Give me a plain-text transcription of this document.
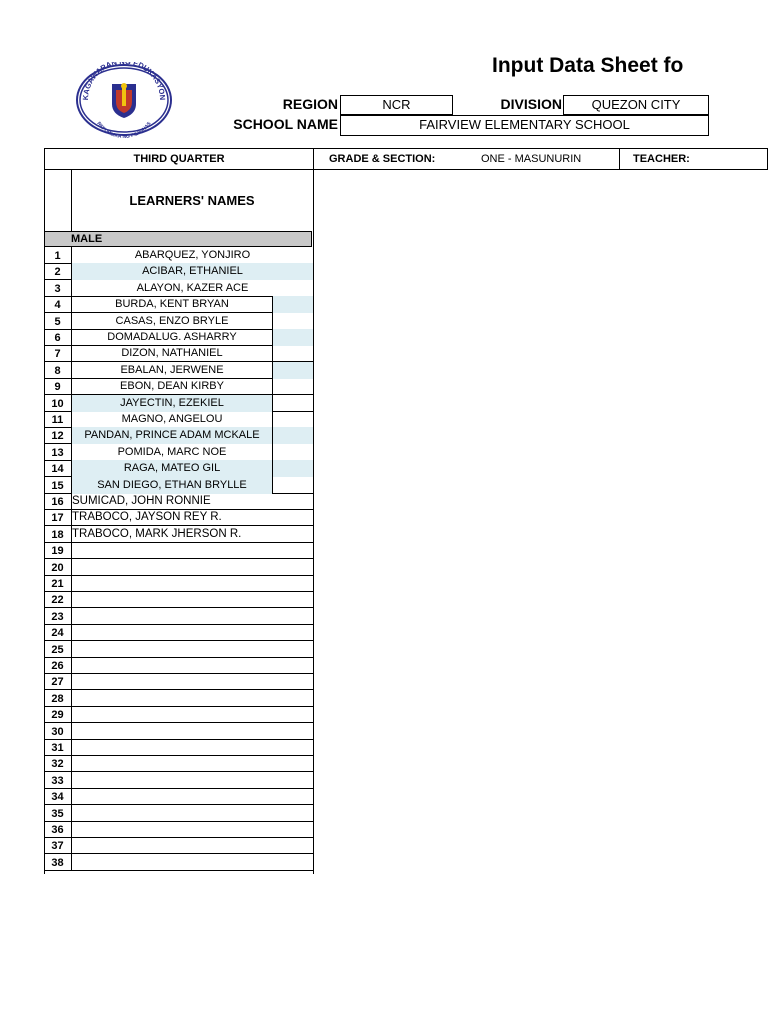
KAGAWARAN EDUKASYON
REPUBLIKA NG PILIPINAS
Input Data Sheet fo
REGION	NCR	DIVISION	QUEZON CITY
SCHOOL NAME	FAIRVIEW ELEMENTARY SCHOOL
THIRD QUARTER	GRADE & SECTION:	ONE - MASUNURIN	TEACHER:
LEARNERS' NAMES
MALE
1	ABARQUEZ, YONJIRO
2	ACIBAR, ETHANIEL
3	ALAYON, KAZER ACE
4	BURDA, KENT BRYAN
5	CASAS, ENZO BRYLE
6	DOMADALUG. ASHARRY
7	DIZON, NATHANIEL
8	EBALAN, JERWENE
9	EBON, DEAN KIRBY
10	JAYECTIN, EZEKIEL
11	MAGNO, ANGELOU
12	PANDAN, PRINCE ADAM MCKALE
13	POMIDA, MARC NOE
14	RAGA, MATEO GIL
15	SAN DIEGO, ETHAN BRYLLE
16 SUMICAD, JOHN RONNIE
17 TRABOCO, JAYSON REY R.
18 TRABOCO, MARK JHERSON R.
19
20
21
22
23
24
25
26
27
28
29
30
31
32
33
34
35
36
37
38
